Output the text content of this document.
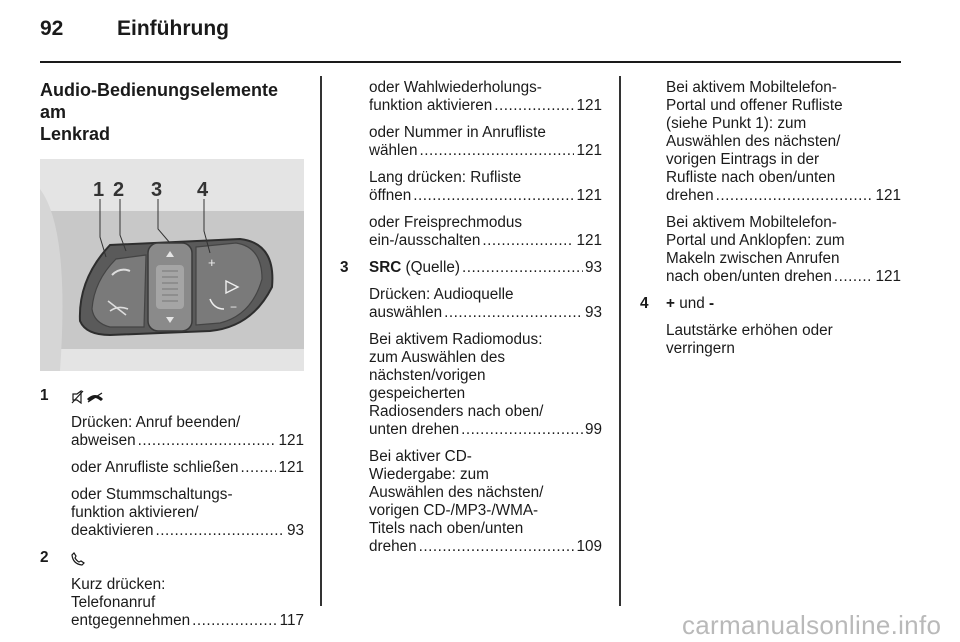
92	Einführung
Audio-Bedienungselemente am
Lenkrad
+
−
1 2 3 4
1
Drücken: Anruf beenden/
abweisen .....	121
oder Anrufliste schließen .....	121
oder Stummschaltungs-
funktion aktivieren/
deaktivieren .....	93
2
Kurz drücken:
Telefonanruf
entgegennehmen .....	117
oder Wahlwiederholungs-
funktion aktivieren .....	121
oder Nummer in Anrufliste
wählen .....	121
Lang drücken: Rufliste
öffnen .....	121
oder Freisprechmodus
ein-/ausschalten .....	121
3 SRC (Quelle) .....	93
Drücken: Audioquelle
auswählen .....	93
Bei aktivem Radiomodus:
zum Auswählen des
nächsten/vorigen
gespeicherten
Radiosenders nach oben/
unten drehen .....	99
Bei aktiver CD-
Wiedergabe: zum
Auswählen des nächsten/
vorigen CD-/MP3-/WMA-
Titels nach oben/unten
drehen .....	109
Bei aktivem Mobiltelefon-
Portal und offener Rufliste
(siehe Punkt 1): zum
Auswählen des nächsten/
vorigen Eintrags in der
Rufliste nach oben/unten
drehen .....	121
Bei aktivem Mobiltelefon-
Portal und Anklopfen: zum
Makeln zwischen Anrufen
nach oben/unten drehen .....	121
4 + und -
Lautstärke erhöhen oder
verringern
carmanualsonline.info
